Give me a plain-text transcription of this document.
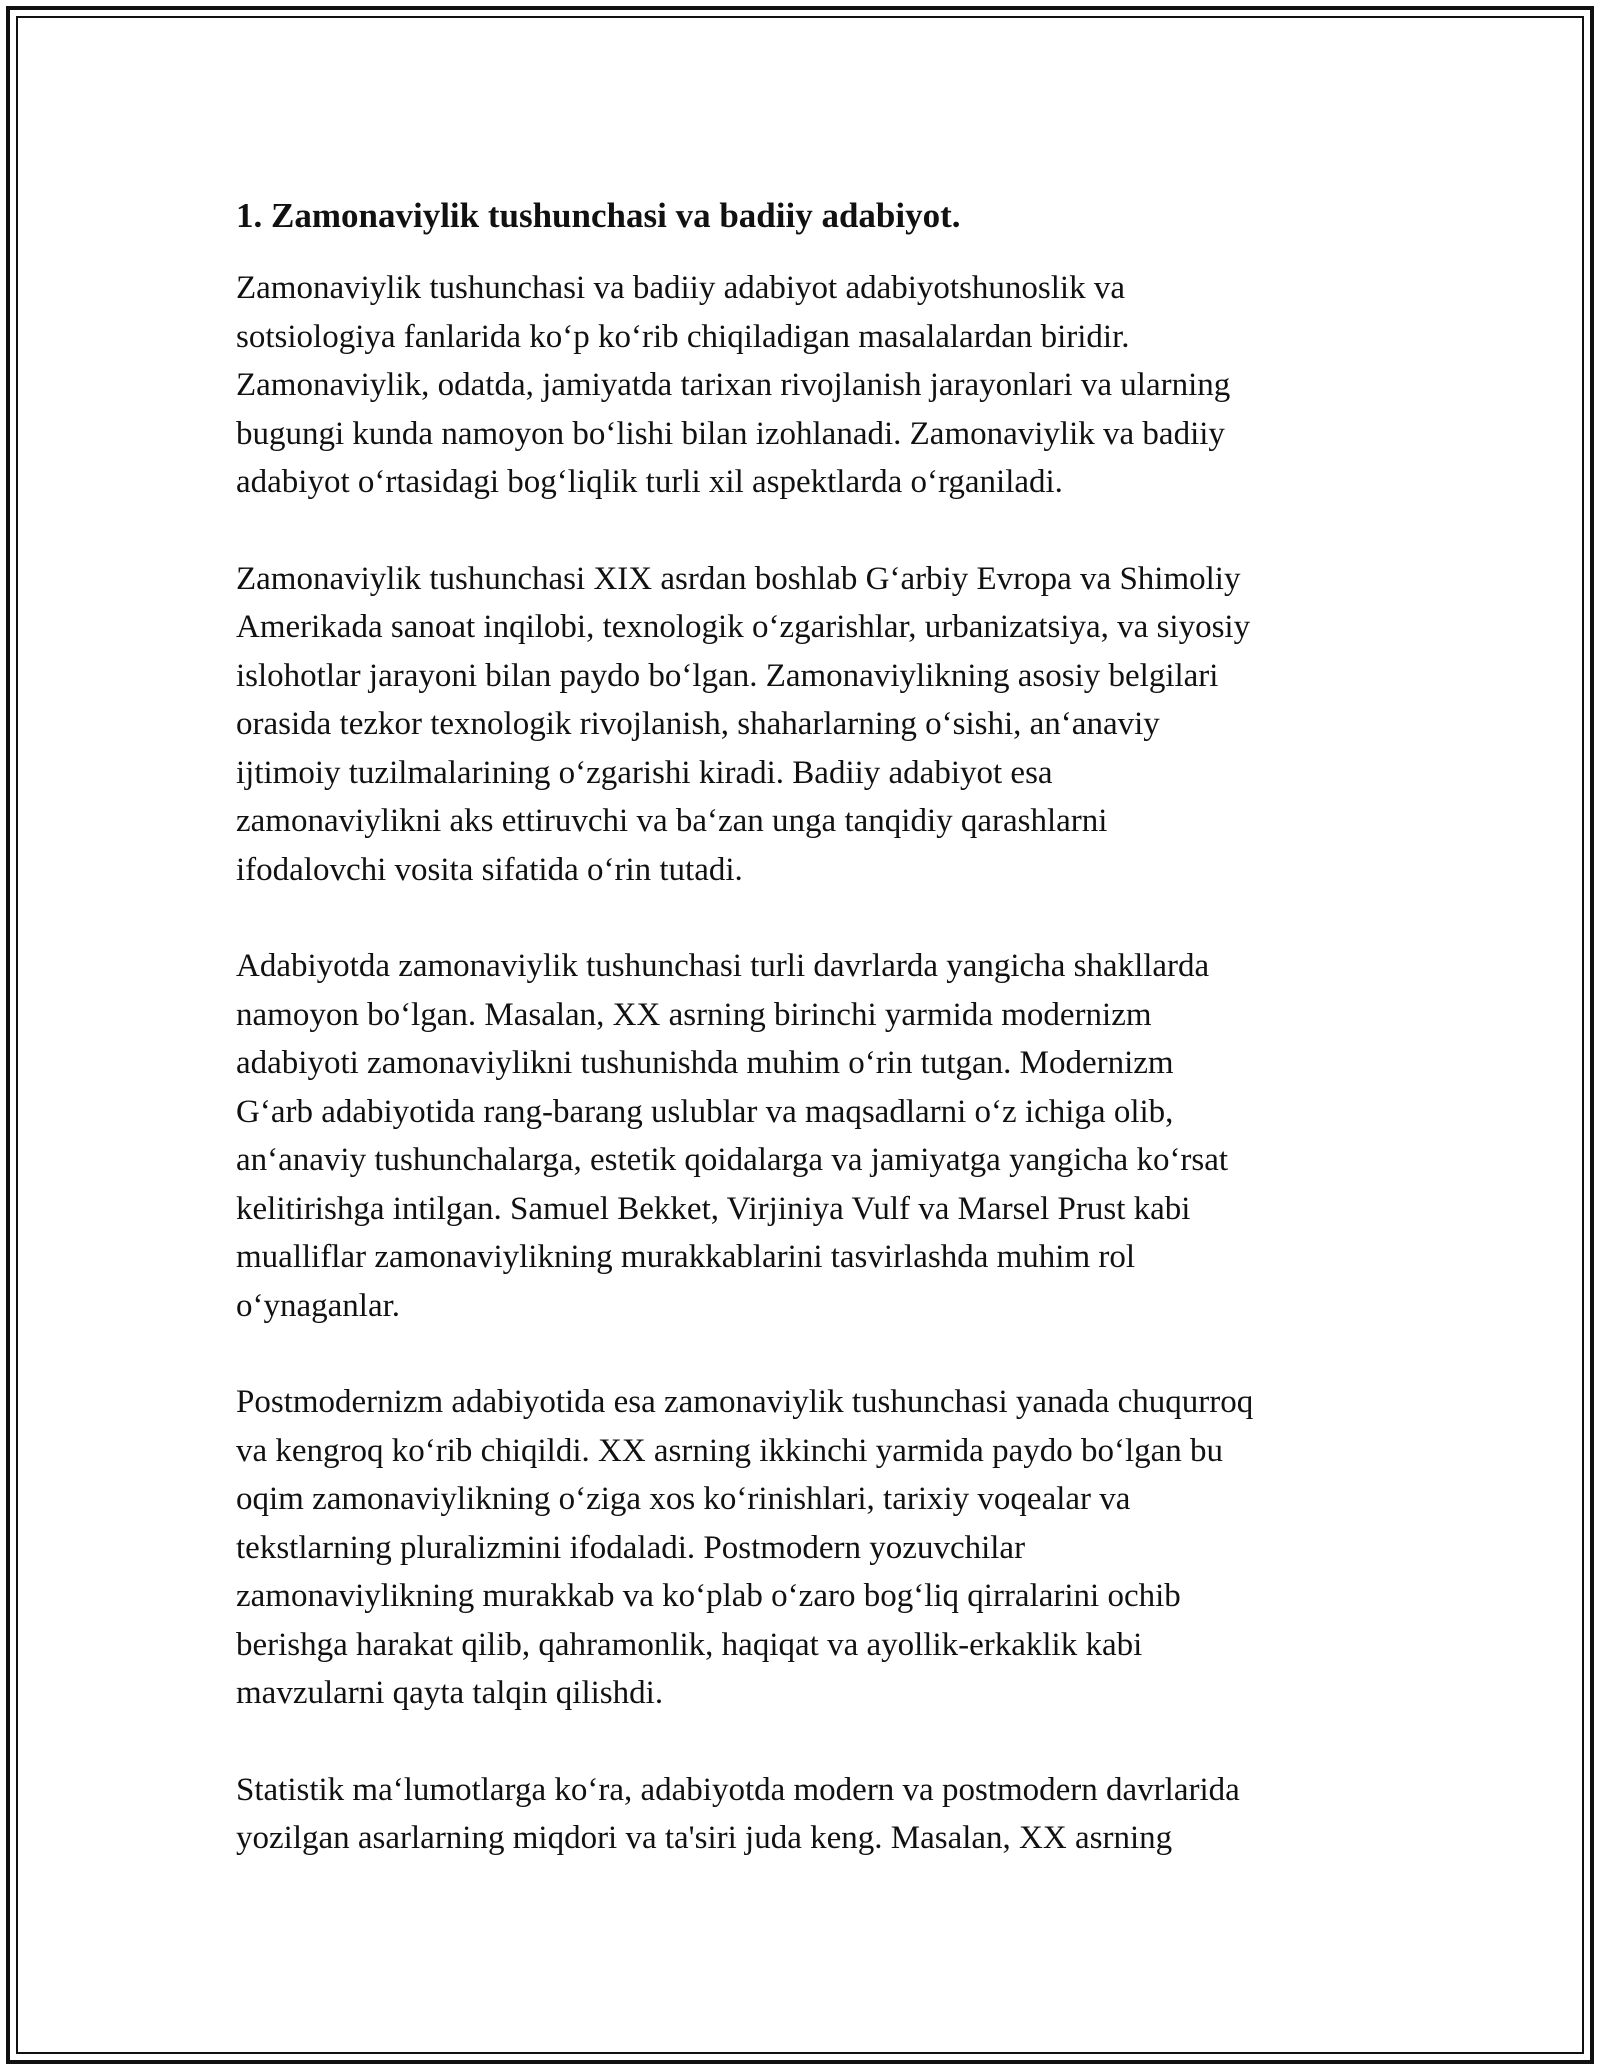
1. Zamonaviylik tushunchasi va badiiy adabiyot.

Zamonaviylik tushunchasi va badiiy adabiyot adabiyotshunoslik va
sotsiologiya fanlarida ko‘p ko‘rib chiqiladigan masalalardan biridir.
Zamonaviylik, odatda, jamiyatda tarixan rivojlanish jarayonlari va ularning
bugungi kunda namoyon bo‘lishi bilan izohlanadi. Zamonaviylik va badiiy
adabiyot o‘rtasidagi bog‘liqlik turli xil aspektlarda o‘rganiladi.

Zamonaviylik tushunchasi XIX asrdan boshlab G‘arbiy Evropa va Shimoliy
Amerikada sanoat inqilobi, texnologik o‘zgarishlar, urbanizatsiya, va siyosiy
islohotlar jarayoni bilan paydo bo‘lgan. Zamonaviylikning asosiy belgilari
orasida tezkor texnologik rivojlanish, shaharlarning o‘sishi, an‘anaviy
ijtimoiy tuzilmalarining o‘zgarishi kiradi. Badiiy adabiyot esa
zamonaviylikni aks ettiruvchi va ba‘zan unga tanqidiy qarashlarni
ifodalovchi vosita sifatida o‘rin tutadi.

Adabiyotda zamonaviylik tushunchasi turli davrlarda yangicha shakllarda
namoyon bo‘lgan. Masalan, XX asrning birinchi yarmida modernizm
adabiyoti zamonaviylikni tushunishda muhim o‘rin tutgan. Modernizm
G‘arb adabiyotida rang-barang uslublar va maqsadlarni o‘z ichiga olib,
an‘anaviy tushunchalarga, estetik qoidalarga va jamiyatga yangicha ko‘rsat
kelitirishga intilgan. Samuel Bekket, Virjiniya Vulf va Marsel Prust kabi
mualliflar zamonaviylikning murakkablarini tasvirlashda muhim rol
o‘ynaganlar.

Postmodernizm adabiyotida esa zamonaviylik tushunchasi yanada chuqurroq
va kengroq ko‘rib chiqildi. XX asrning ikkinchi yarmida paydo bo‘lgan bu
oqim zamonaviylikning o‘ziga xos ko‘rinishlari, tarixiy voqealar va
tekstlarning pluralizmini ifodaladi. Postmodern yozuvchilar
zamonaviylikning murakkab va ko‘plab o‘zaro bog‘liq qirralarini ochib
berishga harakat qilib, qahramonlik, haqiqat va ayollik-erkaklik kabi
mavzularni qayta talqin qilishdi.

Statistik ma‘lumotlarga ko‘ra, adabiyotda modern va postmodern davrlarida
yozilgan asarlarning miqdori va ta'siri juda keng. Masalan, XX asrning
